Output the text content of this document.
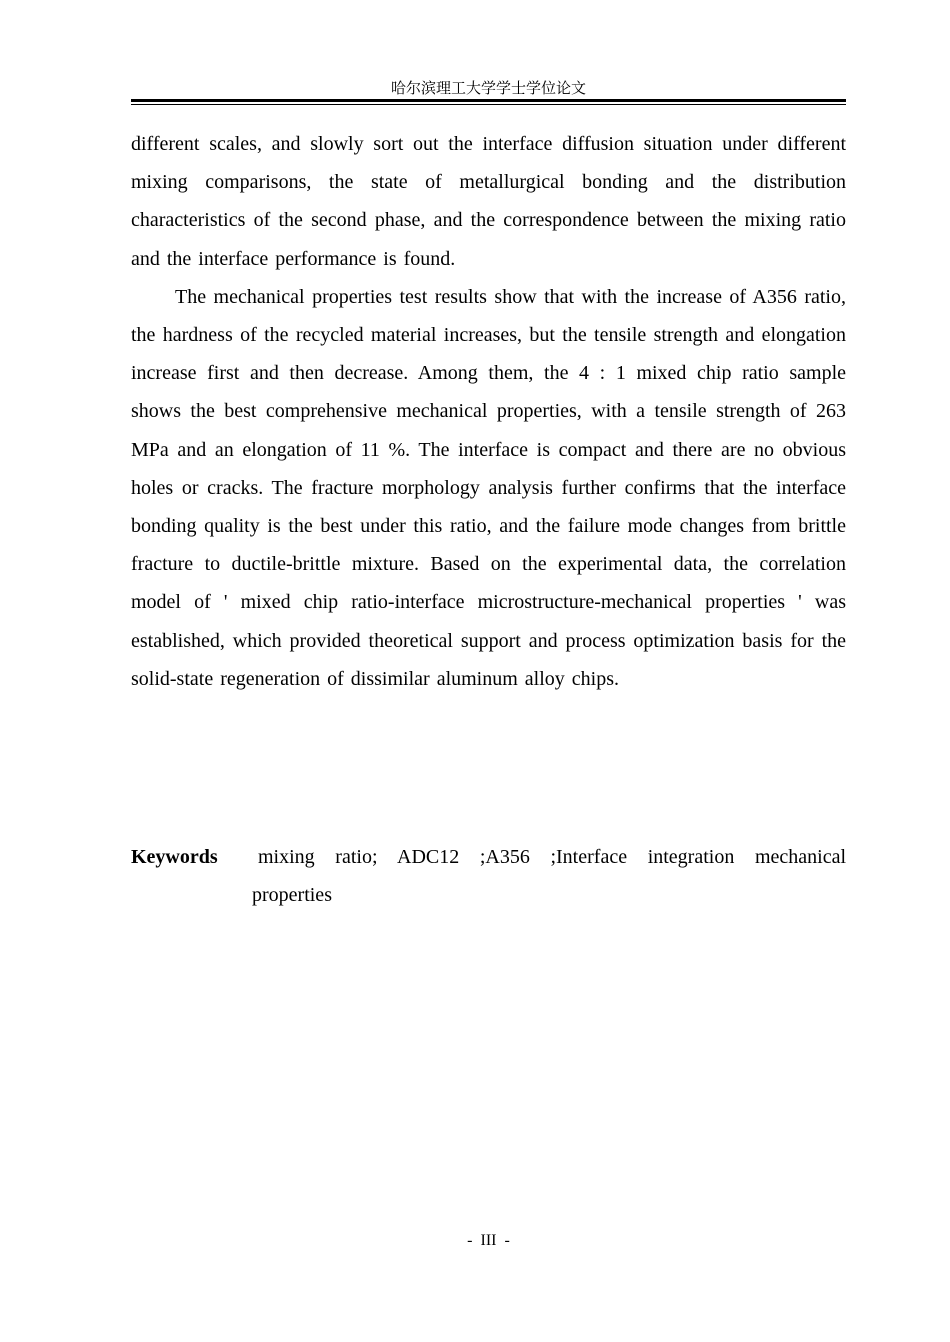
哈尔滨理工大学学士学位论文

different scales, and slowly sort out the interface diffusion situation under different mixing comparisons, the state of metallurgical bonding and the distribution characteristics of the second phase, and the correspondence between the mixing ratio and the interface performance is found.

The mechanical properties test results show that with the increase of A356 ratio, the hardness of the recycled material increases, but the tensile strength and elongation increase first and then decrease. Among them, the 4 : 1 mixed chip ratio sample shows the best comprehensive mechanical properties, with a tensile strength of 263 MPa and an elongation of 11 %. The interface is compact and there are no obvious holes or cracks. The fracture morphology analysis further confirms that the interface bonding quality is the best under this ratio, and the failure mode changes from brittle fracture to ductile-brittle mixture. Based on the experimental data, the correlation model of ' mixed chip ratio-interface microstructure-mechanical properties ' was established, which provided theoretical support and process optimization basis for the solid-state regeneration of dissimilar aluminum alloy chips.

Keywords	mixing ratio; ADC12 ;A356 ;Interface integration mechanical properties
- III -
